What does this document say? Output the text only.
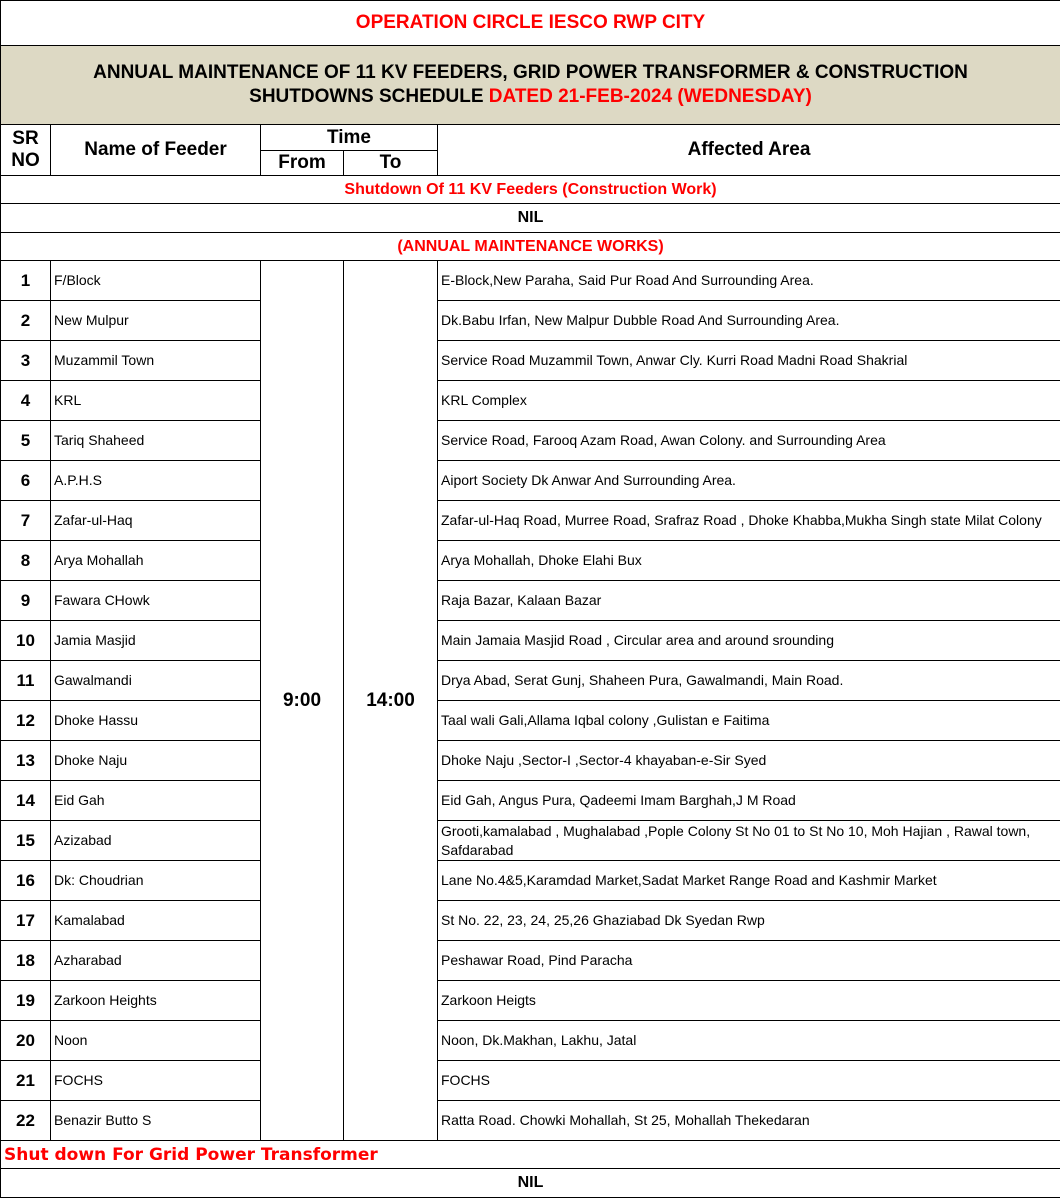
OPERATION CIRCLE IESCO RWP CITY				
ANNUAL MAINTENANCE OF 11 KV FEEDERS, GRID POWER TRANSFORMER & CONSTRUCTION
SHUTDOWNS SCHEDULE DATED 21-FEB-2024 (WEDNESDAY)				
SR NO	Name of Feeder	Time		Affected Area
		From	To	
Shutdown Of 11 KV Feeders (Construction Work)				
NIL				
(ANNUAL MAINTENANCE WORKS)				
1	F/Block	9:00	14:00	E-Block,New Paraha, Said Pur Road And Surrounding Area.
2	New Mulpur			Dk.Babu Irfan, New Malpur Dubble Road And Surrounding Area.
3	Muzammil Town			Service Road Muzammil Town, Anwar Cly. Kurri Road Madni Road Shakrial
4	KRL			KRL Complex
5	Tariq Shaheed			Service Road, Farooq Azam Road, Awan Colony. and Surrounding Area
6	A.P.H.S			Aiport Society Dk Anwar And Surrounding Area.
7	Zafar-ul-Haq			Zafar-ul-Haq Road, Murree Road, Srafraz Road , Dhoke Khabba,Mukha Singh state Milat Colony
8	Arya Mohallah			Arya Mohallah, Dhoke Elahi Bux
9	Fawara CHowk			Raja Bazar, Kalaan Bazar
10	Jamia Masjid			Main Jamaia Masjid Road , Circular area and around srounding
11	Gawalmandi			Drya Abad, Serat Gunj, Shaheen Pura, Gawalmandi, Main Road.
12	Dhoke Hassu			Taal wali Gali,Allama Iqbal colony ,Gulistan e Faitima
13	Dhoke Naju			Dhoke Naju ,Sector-I ,Sector-4 khayaban-e-Sir Syed
14	Eid Gah			Eid Gah, Angus Pura, Qadeemi Imam Barghah,J M Road
15	Azizabad			Grooti,kamalabad , Mughalabad ,Pople Colony St No 01 to St No 10, Moh Hajian , Rawal town, Safdarabad
16	Dk: Choudrian			Lane No.4&5,Karamdad Market,Sadat Market Range Road and Kashmir Market
17	Kamalabad			St No. 22, 23, 24, 25,26 Ghaziabad Dk Syedan Rwp
18	Azharabad			Peshawar Road, Pind Paracha
19	Zarkoon Heights			Zarkoon Heigts
20	Noon			Noon, Dk.Makhan, Lakhu, Jatal
21	FOCHS			FOCHS
22	Benazir Butto S			Ratta Road. Chowki Mohallah, St 25, Mohallah Thekedaran
Shut down For Grid Power Transformer				
NIL				
